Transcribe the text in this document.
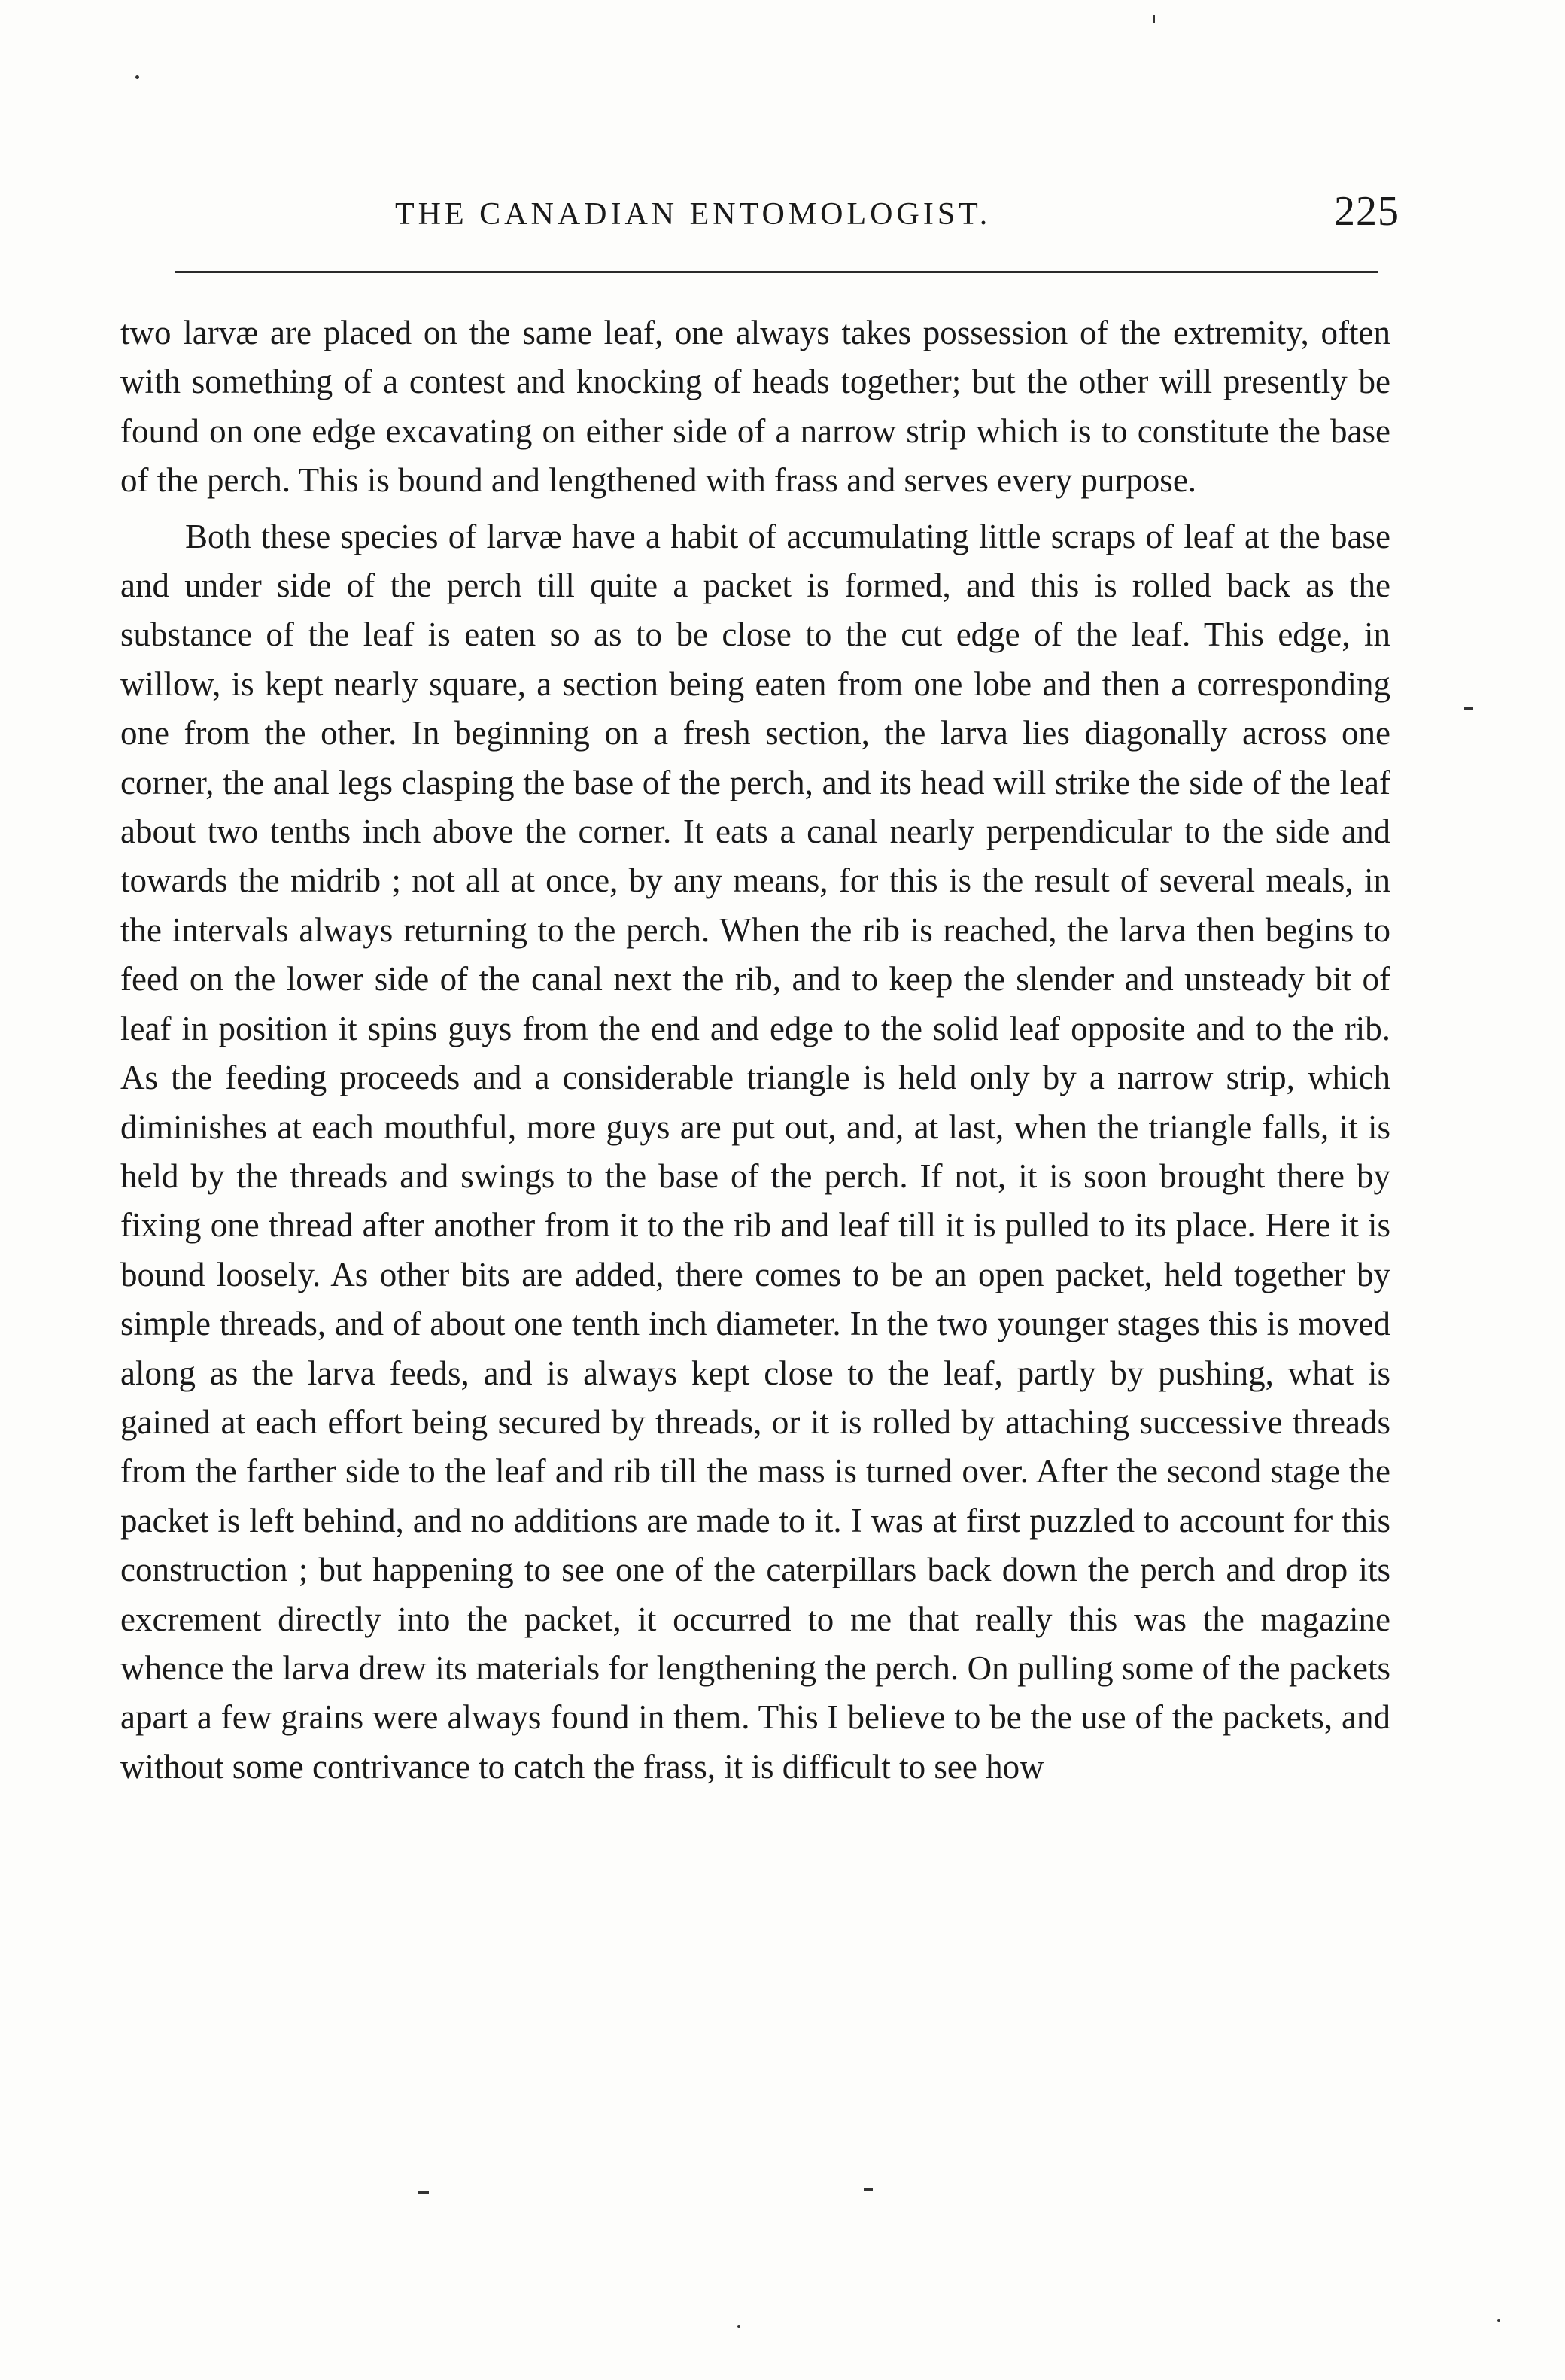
THE CANADIAN ENTOMOLOGIST.	225

two larvæ are placed on the same leaf, one always takes possession of the extremity, often with something of a contest and knocking of heads together; but the other will presently be found on one edge excavating on either side of a narrow strip which is to constitute the base of the perch. This is bound and lengthened with frass and serves every purpose.

Both these species of larvæ have a habit of accumulating little scraps of leaf at the base and under side of the perch till quite a packet is formed, and this is rolled back as the substance of the leaf is eaten so as to be close to the cut edge of the leaf. This edge, in willow, is kept nearly square, a section being eaten from one lobe and then a corresponding one from the other. In beginning on a fresh section, the larva lies diagonally across one corner, the anal legs clasping the base of the perch, and its head will strike the side of the leaf about two tenths inch above the corner. It eats a canal nearly perpendicular to the side and towards the midrib ; not all at once, by any means, for this is the result of several meals, in the intervals always returning to the perch. When the rib is reached, the larva then begins to feed on the lower side of the canal next the rib, and to keep the slender and unsteady bit of leaf in position it spins guys from the end and edge to the solid leaf opposite and to the rib. As the feeding proceeds and a considerable triangle is held only by a narrow strip, which diminishes at each mouthful, more guys are put out, and, at last, when the triangle falls, it is held by the threads and swings to the base of the perch. If not, it is soon brought there by fixing one thread after another from it to the rib and leaf till it is pulled to its place. Here it is bound loosely. As other bits are added, there comes to be an open packet, held together by simple threads, and of about one tenth inch diameter. In the two younger stages this is moved along as the larva feeds, and is always kept close to the leaf, partly by pushing, what is gained at each effort being secured by threads, or it is rolled by attaching successive threads from the farther side to the leaf and rib till the mass is turned over. After the second stage the packet is left behind, and no additions are made to it. I was at first puzzled to account for this construction ; but happening to see one of the caterpillars back down the perch and drop its excrement directly into the packet, it occurred to me that really this was the magazine whence the larva drew its materials for lengthening the perch. On pulling some of the packets apart a few grains were always found in them. This I believe to be the use of the packets, and without some contrivance to catch the frass, it is difficult to see how
